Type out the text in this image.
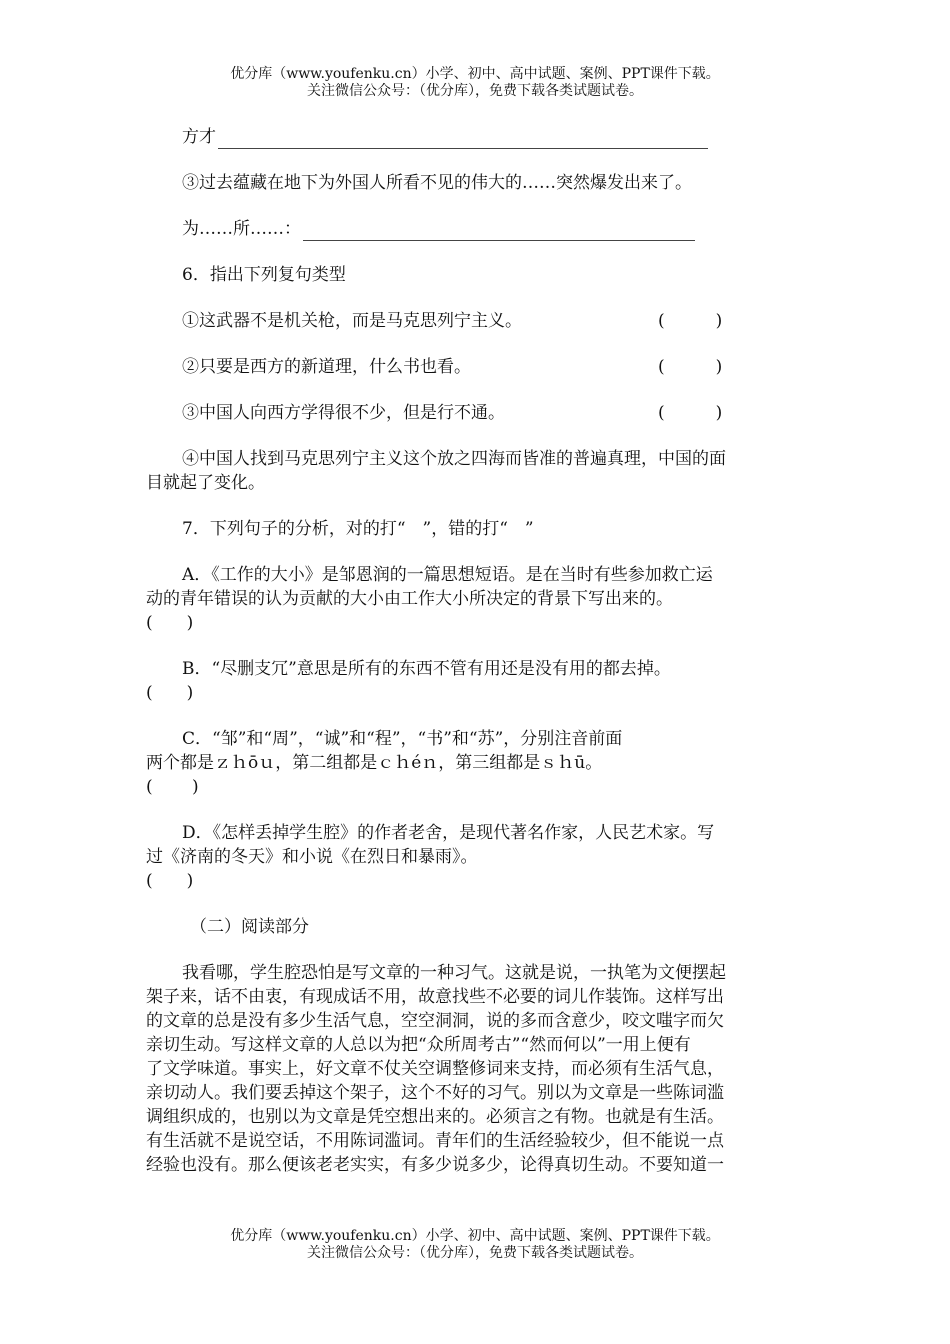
优分库（www.youfenku.cn）小学、初中、高中试题、案例、PPT课件下载。
关注微信公众号：（优分库），免费下载各类试题试卷。
方才

③过去蕴藏在地下为外国人所看不见的伟大的……突然爆发出来了。

为……所……：

6．指出下列复句类型

①这武器不是机关枪，而是马克思列宁主义。	(　　　)
②只要是西方的新道理，什么书也看。	(　　　)
③中国人向西方学得很不少，但是行不通。	(　　　)

④中国人找到马克思列宁主义这个放之四海而皆准的普遍真理，中国的面

目就起了变化。

7．下列句子的分析，对的打“　”，错的打“　”

A．《工作的大小》是邹恩润的一篇思想短语。是在当时有些参加救亡运

动的青年错误的认为贡献的大小由工作大小所决定的背景下写出来的。

(　　)

B．“尽删支冗”意思是所有的东西不管有用还是没有用的都去掉。

(　　)

C．“邹”和“周”，“诚”和“程”，“书”和“苏”，分别注音前面

两个都是ｚｈōｕ，第二组都是ｃｈéｎ，第三组都是ｓｈū。

(　　 )

D．《怎样丢掉学生腔》的作者老舍，是现代著名作家，人民艺术家。写

过《济南的冬天》和小说《在烈日和暴雨》。

(　　)

（二）阅读部分

我看哪，学生腔恐怕是写文章的一种习气。这就是说，一执笔为文便摆起

架子来，话不由衷，有现成话不用，故意找些不必要的词儿作装饰。这样写出

的文章的总是没有多少生活气息，空空洞洞，说的多而含意少，咬文嗤字而欠

亲切生动。写这样文章的人总以为把“众所周考古”“然而何以”一用上便有

了文学味道。事实上，好文章不仗关空调整修词来支持，而必须有生活气息，

亲切动人。我们要丢掉这个架子，这个不好的习气。别以为文章是一些陈词滥

调组织成的，也别以为文章是凭空想出来的。必须言之有物。也就是有生活。

有生活就不是说空话，不用陈词滥词。青年们的生活经验较少，但不能说一点

经验也没有。那么便该老老实实，有多少说多少，论得真切生动。不要知道一

优分库（www.youfenku.cn）小学、初中、高中试题、案例、PPT课件下载。
关注微信公众号：（优分库），免费下载各类试题试卷。
